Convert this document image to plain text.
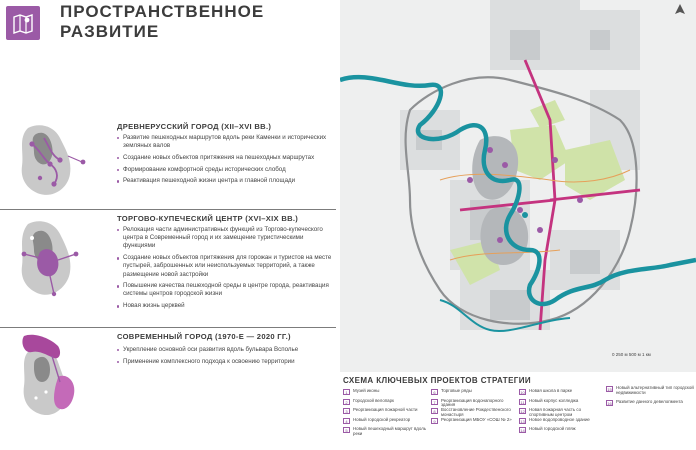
ПРОСТРАНСТВЕННОЕ
РАЗВИТИЕ
ДРЕВНЕРУССКИЙ ГОРОД (XII–XVI ВВ.)
Развитие пешеходных маршрутов вдоль реки Каменки и исторических земляных валов
Создание новых объектов притяжения на пешеходных маршрутах
Формирование комфортной среды исторических слобод
Реактивация пешеходной жизни центра и главной площади
ТОРГОВО-КУПЕЧЕСКИЙ ЦЕНТР (XVI–XIX ВВ.)
Релокация части административных функций из Торгово-купеческого центра в Современный город и их замещение туристическими функциями
Создание новых объектов притяжения для горожан и туристов на месте пустырей, заброшенных или неиспользуемых территорий, а также размещение новой застройки
Повышение качества пешеходной среды в центре города, реактивация системы центров городской жизни
Новая жизнь церквей
СОВРЕМЕННЫЙ ГОРОД (1970-Е — 2020 ГГ.)
Укрепление основной оси развития вдоль бульвара Вспольe
Применение комплексного подхода к освоению территории
0 250 м 500 м 1 км
СХЕМА КЛЮЧЕВЫХ ПРОЕКТОВ СТРАТЕГИИ
1	Музей иконы
2	Городской велопарк
3	Реорганизация пожарной части
4	Новый городской рекреатор
5	Новый пешеходный маршрут вдоль реки
6	Торговые ряды
7	Реорганизация водонапорного здания
8	Восстановление Рождественского монастыря
9	Реорганизация МБОУ «СОШ № 2»
10 Новая школа в парке
11	Новый корпус колледжа
12 Новая пожарная часть со спортивным центром
13 Новое водопроводное здание
14 Новый городской пляж
15 Новый альтернативный тип городской недвижимости
16 Развитие данного девелопмента
